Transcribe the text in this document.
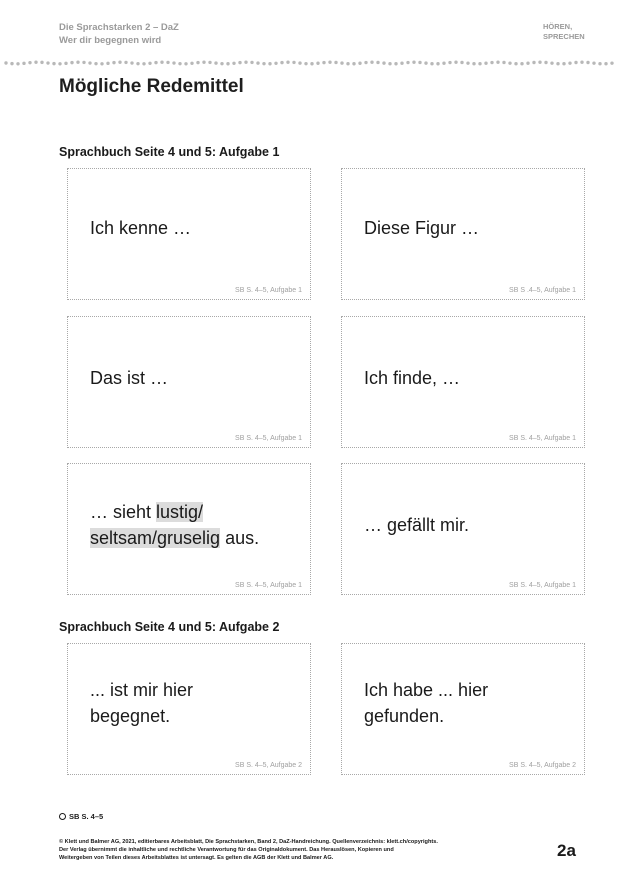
Die Sprachstarken 2 – DaZ
Wer dir begegnen wird
HÖREN,
SPRECHEN
Mögliche Redemittel
Sprachbuch Seite 4 und 5: Aufgabe 1
Ich kenne …
SB S. 4–5, Aufgabe 1
Diese Figur …
SB S .4–5, Aufgabe 1
Das ist …
SB S. 4–5, Aufgabe 1
Ich finde, …
SB S. 4–5, Aufgabe 1
… sieht lustig/
seltsam/gruselig aus.
SB S. 4–5, Aufgabe 1
… gefällt mir.
SB S. 4–5, Aufgabe 1
Sprachbuch Seite 4 und 5: Aufgabe 2
... ist mir hier
begegnet.
SB S. 4–5, Aufgabe 2
Ich habe ... hier
gefunden.
SB S. 4–5, Aufgabe 2
SB S. 4–5
© Klett und Balmer AG, 2021, editierbares Arbeitsblatt, Die Sprachstarken, Band 2, DaZ-Handreichung. Quellenverzeichnis: klett.ch/copyrights.
Der Verlag übernimmt die inhaltliche und rechtliche Verantwortung für das Originaldokument. Das Herauslösen, Kopieren und
Weitergeben von Teilen dieses Arbeitsblattes ist untersagt. Es gelten die AGB der Klett und Balmer AG.	2a
